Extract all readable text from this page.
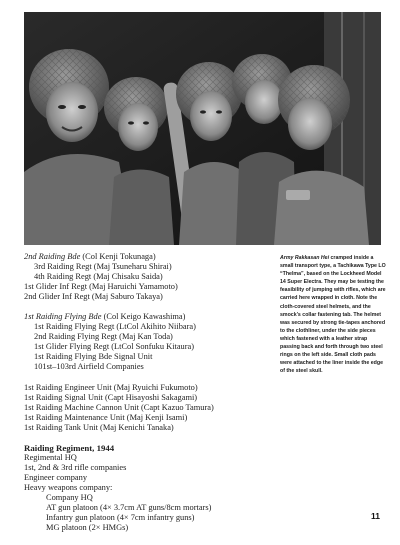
2nd Raiding Bde (Col Kenji Tokunaga)
3rd Raiding Regt (Maj Tsuneharu Shirai)
4th Raiding Regt (Maj Chisaku Saida)
1st Glider Inf Regt (Maj Haruichi Yamamoto)
2nd Glider Inf Regt (Maj Saburo Takaya)
1st Raiding Flying Bde (Col Keigo Kawashima)
1st Raiding Flying Regt (LtCol Akihito Niibara)
2nd Raiding Flying Regt (Maj Kan Toda)
1st Glider Flying Regt (LtCol Sonfuku Kitaura)
1st Raiding Flying Bde Signal Unit
101st–103rd Airfield Companies
1st Raiding Engineer Unit (Maj Ryuichi Fukumoto)
1st Raiding Signal Unit (Capt Hisayoshi Sakagami)
1st Raiding Machine Cannon Unit (Capt Kazuo Tamura)
1st Raiding Maintenance Unit (Maj Kenji Isami)
1st Raiding Tank Unit (Maj Kenichi Tanaka)
Raiding Regiment, 1944
Regimental HQ
1st, 2nd & 3rd rifle companies
Engineer company
Heavy weapons company:
Company HQ
AT gun platoon (4× 3.7cm AT guns/8cm mortars)
Infantry gun platoon (4× 7cm infantry guns)
MG platoon (2× HMGs)
Army Rakkasan Hei cramped inside a small transport type, a Tachikawa Type LO “Thelma”, based on the Lockheed Model 14 Super Electra. They may be testing the feasibility of jumping with rifles, which are carried here wrapped in cloth. Note the cloth-covered steel helmets, and the smock’s collar fastening tab. The helmet was secured by strong tie-tapes anchored to the clothliner, under the side pieces which fastened with a leather strap passing back and forth through two steel rings on the left side. Small cloth pads were attached to the liner inside the edge of the steel skull.
11
